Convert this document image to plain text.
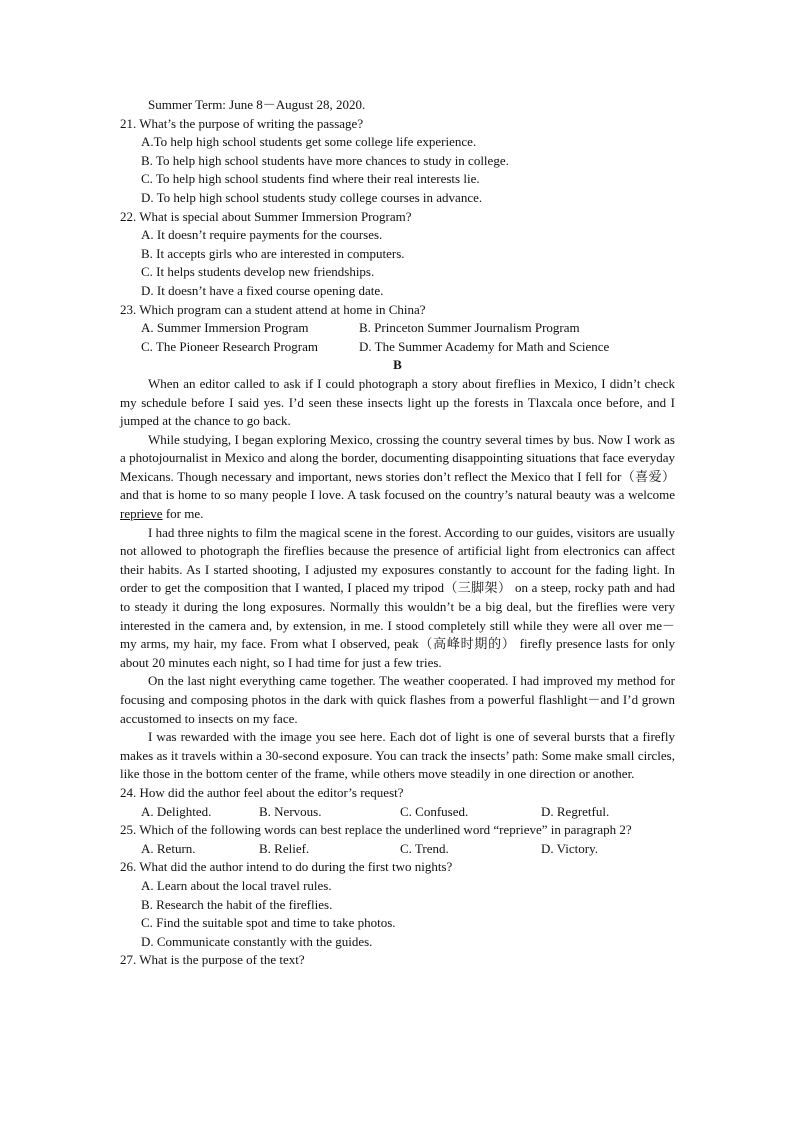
Summer Term: June 8－August 28, 2020.
21. What’s the purpose of writing the passage?
A.To help high school students get some college life experience.
B. To help high school students have more chances to study in college.
C. To help high school students find where their real interests lie.
D. To help high school students study college courses in advance.
22. What is special about Summer Immersion Program?
A. It doesn’t require payments for the courses.
B. It accepts girls who are interested in computers.
C. It helps students develop new friendships.
D. It doesn’t have a fixed course opening date.
23. Which program can a student attend at home in China?
A. Summer Immersion Program	B. Princeton Summer Journalism Program
C. The Pioneer Research Program	D. The Summer Academy for Math and Science
B
When an editor called to ask if I could photograph a story about fireflies in Mexico, I didn’t check my schedule before I said yes. I’d seen these insects light up the forests in Tlaxcala once before, and I jumped at the chance to go back.
While studying, I began exploring Mexico, crossing the country several times by bus. Now I work as a photojournalist in Mexico and along the border, documenting disappointing situations that face everyday Mexicans. Though necessary and important, news stories don’t reflect the Mexico that I fell for（喜爱）and that is home to so many people I love. A task focused on the country’s natural beauty was a welcome reprieve for me.
I had three nights to film the magical scene in the forest. According to our guides, visitors are usually not allowed to photograph the fireflies because the presence of artificial light from electronics can affect their habits. As I started shooting, I adjusted my exposures constantly to account for the fading light. In order to get the composition that I wanted, I placed my tripod（三脚架） on a steep, rocky path and had to steady it during the long exposures. Normally this wouldn’t be a big deal, but the fireflies were very interested in the camera and, by extension, in me. I stood completely still while they were all over me－my arms, my hair, my face. From what I observed, peak（高峰时期的） firefly presence lasts for only about 20 minutes each night, so I had time for just a few tries.
On the last night everything came together. The weather cooperated. I had improved my method for focusing and composing photos in the dark with quick flashes from a powerful flashlight－and I’d grown accustomed to insects on my face.
I was rewarded with the image you see here. Each dot of light is one of several bursts that a firefly makes as it travels within a 30-second exposure. You can track the insects’ path: Some make small circles, like those in the bottom center of the frame, while others move steadily in one direction or another.
24. How did the author feel about the editor’s request?
A. Delighted.	B. Nervous.	C. Confused.	D. Regretful.
25. Which of the following words can best replace the underlined word “reprieve” in paragraph 2?
A. Return.	B. Relief.	C. Trend.	D. Victory.
26. What did the author intend to do during the first two nights?
A. Learn about the local travel rules.
B. Research the habit of the fireflies.
C. Find the suitable spot and time to take photos.
D. Communicate constantly with the guides.
27. What is the purpose of the text?
